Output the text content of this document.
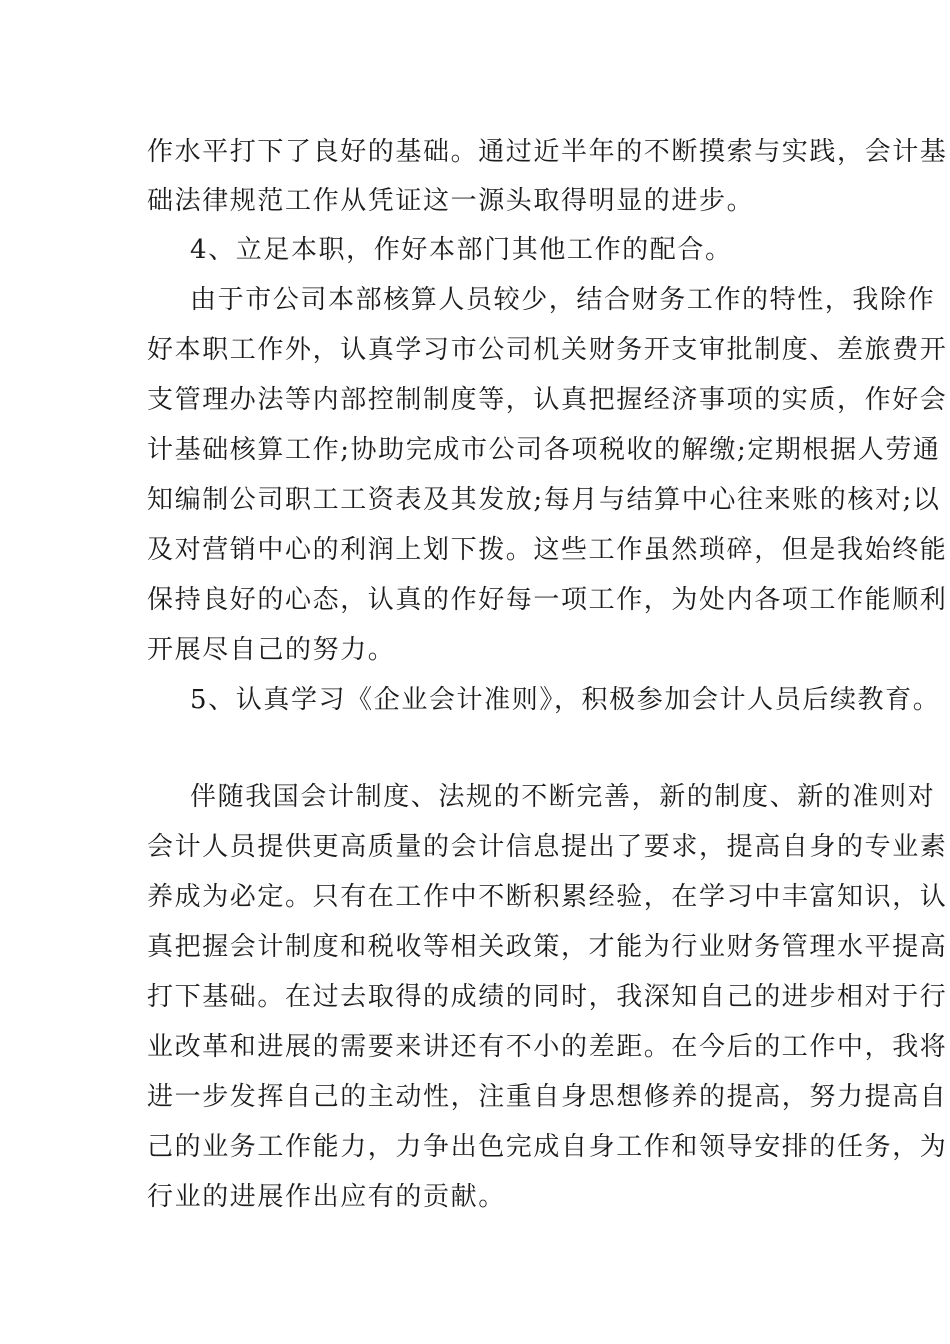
作水平打下了良好的基础。通过近半年的不断摸索与实践，会计基
础法律规范工作从凭证这一源头取得明显的进步。
4、立足本职，作好本部门其他工作的配合。
由于市公司本部核算人员较少，结合财务工作的特性，我除作
好本职工作外，认真学习市公司机关财务开支审批制度、差旅费开
支管理办法等内部控制制度等，认真把握经济事项的实质，作好会
计基础核算工作;协助完成市公司各项税收的解缴;定期根据人劳通
知编制公司职工工资表及其发放;每月与结算中心往来账的核对;以
及对营销中心的利润上划下拨。这些工作虽然琐碎，但是我始终能
保持良好的心态，认真的作好每一项工作，为处内各项工作能顺利
开展尽自己的努力。
5、认真学习《企业会计准则》，积极参加会计人员后续教育。
伴随我国会计制度、法规的不断完善，新的制度、新的准则对
会计人员提供更高质量的会计信息提出了要求，提高自身的专业素
养成为必定。只有在工作中不断积累经验，在学习中丰富知识，认
真把握会计制度和税收等相关政策，才能为行业财务管理水平提高
打下基础。在过去取得的成绩的同时，我深知自己的进步相对于行
业改革和进展的需要来讲还有不小的差距。在今后的工作中，我将
进一步发挥自己的主动性，注重自身思想修养的提高，努力提高自
己的业务工作能力，力争出色完成自身工作和领导安排的任务，为
行业的进展作出应有的贡献。
